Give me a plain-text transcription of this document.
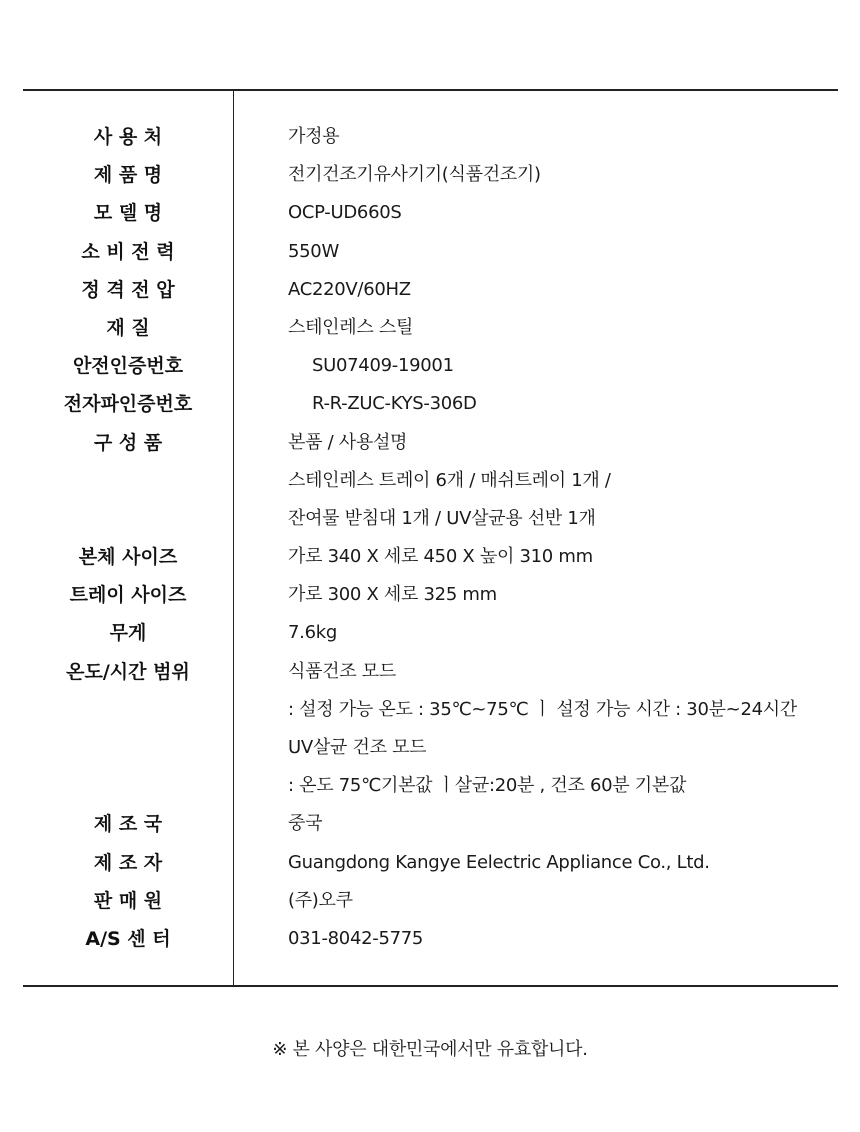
사 용 처	가정용
제 품 명	전기건조기유사기기(식품건조기)
모 델 명	OCP-UD660S
소 비 전 력	550W
정 격 전 압	AC220V/60HZ
재 질	스테인레스 스틸
안전인증번호	SU07409-19001
전자파인증번호	R-R-ZUC-KYS-306D
구 성 품	본품 / 사용설명
스테인레스 트레이 6개 / 매쉬트레이 1개 /
잔여물 받침대 1개 / UV살균용 선반 1개
본체 사이즈	가로 340 X 세로 450 X 높이 310 mm
트레이 사이즈	가로 300 X 세로 325 mm
무게	7.6kg
온도/시간 범위	식품건조 모드
: 설정 가능 온도 : 35℃~75℃ ㅣ 설정 가능 시간 : 30분~24시간
UV살균 건조 모드
: 온도 75℃기본값 ㅣ살균:20분 , 건조 60분 기본값
제 조 국	중국
제 조 자	Guangdong Kangye Eelectric Appliance Co., Ltd.
판 매 원	(주)오쿠
A/S 센 터	031-8042-5775
※ 본 사양은 대한민국에서만 유효합니다.
